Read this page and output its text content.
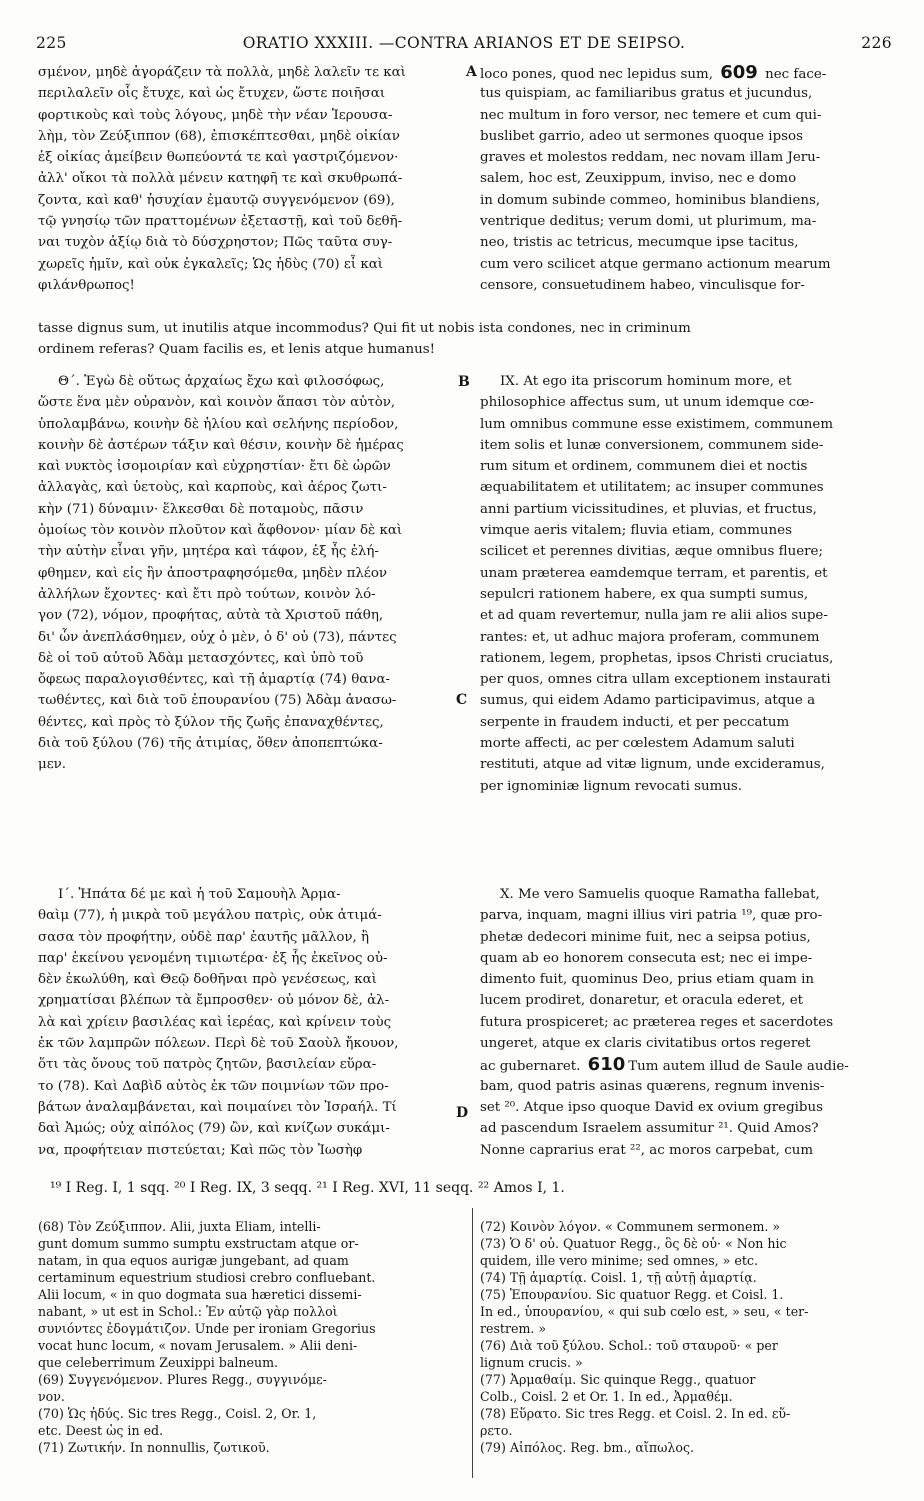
225	ORATIO XXXIII. —CONTRA ARIANOS ET DE SEIPSO.	226
σμένον, μηδὲ ἀγοράζειν τὰ πολλὰ, μηδὲ λαλεῖν τε καὶ
περιλαλεῖν οἷς ἔτυχε, καὶ ὡς ἔτυχεν, ὥστε ποιῆσαι
φορτικοὺς καὶ τοὺς λόγους, μηδὲ τὴν νέαν Ἱερουσα-
λὴμ, τὸν Ζεύξιππον (68), ἐπισκέπτεσθαι, μηδὲ οἰκίαν
ἐξ οἰκίας ἀμείβειν θωπεύοντά τε καὶ γαστριζόμενον·
ἀλλ' οἴκοι τὰ πολλὰ μένειν κατηφῆ τε καὶ σκυθρωπά-
ζοντα, καὶ καθ' ἡσυχίαν ἐμαυτῷ συγγενόμενον (69),
τῷ γνησίῳ τῶν πραττομένων ἐξεταστῇ, καὶ τοῦ δεθῆ-
ναι τυχὸν ἀξίῳ διὰ τὸ δύσχρηστον; Πῶς ταῦτα συγ-
χωρεῖς ἡμῖν, καὶ οὐκ ἐγκαλεῖς; Ὡς ἡδὺς (70) εἶ καὶ
φιλάνθρωπος!
loco pones, quod nec lepidus sum, 609 nec face-
tus quispiam, ac familiaribus gratus et jucundus,
nec multum in foro versor, nec temere et cum qui-
buslibet garrio, adeo ut sermones quoque ipsos
graves et molestos reddam, nec novam illam Jeru-
salem, hoc est, Zeuxippum, inviso, nec e domo
in domum subinde commeo, hominibus blandiens,
ventrique deditus; verum domi, ut plurimum, ma-
neo, tristis ac tetricus, mecumque ipse tacitus,
cum vero scilicet atque germano actionum mearum
censore, consuetudinem habeo, vinculisque for-
A
tasse dignus sum, ut inutilis atque incommodus? Qui fit ut nobis ista condones, nec in criminum
ordinem referas? Quam facilis es, et lenis atque humanus!
Θ΄. Ἐγὼ δὲ οὕτως ἀρχαίως ἔχω καὶ φιλοσόφως,
ὥστε ἕνα μὲν οὐρανὸν, καὶ κοινὸν ἅπασι τὸν αὐτὸν,
ὑπολαμβάνω, κοινὴν δὲ ἡλίου καὶ σελήνης περίοδον,
κοινὴν δὲ ἀστέρων τάξιν καὶ θέσιν, κοινὴν δὲ ἡμέρας
καὶ νυκτὸς ἰσομοιρίαν καὶ εὐχρηστίαν· ἔτι δὲ ὡρῶν
ἀλλαγὰς, καὶ ὑετοὺς, καὶ καρποὺς, καὶ ἀέρος ζωτι-
κὴν (71) δύναμιν· ἕλκεσθαι δὲ ποταμοὺς, πᾶσιν
ὁμοίως τὸν κοινὸν πλοῦτον καὶ ἄφθονον· μίαν δὲ καὶ
τὴν αὐτὴν εἶναι γῆν, μητέρα καὶ τάφον, ἐξ ἧς ἐλή-
φθημεν, καὶ εἰς ἣν ἀποστραφησόμεθα, μηδὲν πλέον
ἀλλήλων ἔχοντες· καὶ ἔτι πρὸ τούτων, κοινὸν λό-
γον (72), νόμον, προφήτας, αὐτὰ τὰ Χριστοῦ πάθη,
δι' ὧν ἀνεπλάσθημεν, οὐχ ὁ μὲν, ὁ δ' οὐ (73), πάντες
δὲ οἱ τοῦ αὐτοῦ Ἀδὰμ μετασχόντες, καὶ ὑπὸ τοῦ
ὄφεως παραλογισθέντες, καὶ τῇ ἁμαρτίᾳ (74) θανα-
τωθέντες, καὶ διὰ τοῦ ἐπουρανίου (75) Ἀδὰμ ἀνασω-
θέντες, καὶ πρὸς τὸ ξύλον τῆς ζωῆς ἐπαναχθέντες,
διὰ τοῦ ξύλου (76) τῆς ἀτιμίας, ὅθεν ἀποπεπτώκα-
μεν.
IX. At ego ita priscorum hominum more, et
philosophice affectus sum, ut unum idemque cœ-
lum omnibus commune esse existimem, communem
item solis et lunæ conversionem, communem side-
rum situm et ordinem, communem diei et noctis
æquabilitatem et utilitatem; ac insuper communes
anni partium vicissitudines, et pluvias, et fructus,
vimque aeris vitalem; fluvia etiam, communes
scilicet et perennes divitias, æque omnibus fluere;
unam præterea eamdemque terram, et parentis, et
sepulcri rationem habere, ex qua sumpti sumus,
et ad quam revertemur, nulla jam re alii alios supe-
rantes: et, ut adhuc majora proferam, communem
rationem, legem, prophetas, ipsos Christi cruciatus,
per quos, omnes citra ullam exceptionem instaurati
sumus, qui eidem Adamo participavimus, atque a
serpente in fraudem inducti, et per peccatum
morte affecti, ac per cœlestem Adamum saluti
restituti, atque ad vitæ lignum, unde excideramus,
per ignominiæ lignum revocati sumus.
B
C
Ι΄. Ἠπάτα δέ με καὶ ἡ τοῦ Σαμουὴλ Ἀρμα-
θαὶμ (77), ἡ μικρὰ τοῦ μεγάλου πατρὶς, οὐκ ἀτιμά-
σασα τὸν προφήτην, οὐδὲ παρ' ἑαυτῆς μᾶλλον, ἢ
παρ' ἐκείνου γενομένη τιμιωτέρα· ἐξ ἧς ἐκεῖνος οὐ-
δὲν ἐκωλύθη, καὶ Θεῷ δοθῆναι πρὸ γενέσεως, καὶ
χρηματίσαι βλέπων τὰ ἔμπροσθεν· οὐ μόνον δὲ, ἀλ-
λὰ καὶ χρίειν βασιλέας καὶ ἱερέας, καὶ κρίνειν τοὺς
ἐκ τῶν λαμπρῶν πόλεων. Περὶ δὲ τοῦ Σαοὺλ ἤκουον,
ὅτι τὰς ὄνους τοῦ πατρὸς ζητῶν, βασιλείαν εὕρα-
το (78). Καὶ Δαβὶδ αὐτὸς ἐκ τῶν ποιμνίων τῶν προ-
βάτων ἀναλαμβάνεται, καὶ ποιμαίνει τὸν Ἰσραήλ. Τί
δαὶ Ἀμώς; οὐχ αἰπόλος (79) ὢν, καὶ κνίζων συκάμι-
να, προφήτειαν πιστεύεται; Καὶ πῶς τὸν Ἰωσὴφ
X. Me vero Samuelis quoque Ramatha fallebat,
parva, inquam, magni illius viri patria ¹⁹, quæ pro-
phetæ dedecori minime fuit, nec a seipsa potius,
quam ab eo honorem consecuta est; nec ei impe-
dimento fuit, quominus Deo, prius etiam quam in
lucem prodiret, donaretur, et oracula ederet, et
futura prospiceret; ac præterea reges et sacerdotes
ungeret, atque ex claris civitatibus ortos regeret
ac gubernaret. 610 Tum autem illud de Saule audie-
bam, quod patris asinas quærens, regnum invenis-
set ²⁰. Atque ipso quoque David ex ovium gregibus
ad pascendum Israelem assumitur ²¹. Quid Amos?
Nonne caprarius erat ²², ac moros carpebat, cum
D
¹⁹ I Reg. I, 1 sqq. ²⁰ I Reg. IX, 3 seqq. ²¹ I Reg. XVI, 11 seqq. ²² Amos I, 1.
(68) Τὸν Ζεύξιππον. Alii, juxta Eliam, intelli-
gunt domum summo sumptu exstructam atque or-
natam, in qua equos aurigæ jungebant, ad quam
certaminum equestrium studiosi crebro confluebant.
Alii locum, « in quo dogmata sua hæretici dissemi-
nabant, » ut est in Schol.: Ἐν αὐτῷ γὰρ πολλοὶ
συνιόντες ἐδογμάτιζον. Unde per ironiam Gregorius
vocat hunc locum, « novam Jerusalem. » Alii deni-
que celeberrimum Zeuxippi balneum.
(69) Συγγενόμενον. Plures Regg., συγγινόμε-
νον.
(70) Ὡς ἡδύς. Sic tres Regg., Coisl. 2, Or. 1,
etc. Deest ὡς in ed.
(71) Ζωτικήν. In nonnullis, ζωτικοῦ.
(72) Κοινὸν λόγον. « Communem sermonem. »
(73) Ὁ δ' οὐ. Quatuor Regg., ὃς δὲ οὐ· « Non hic
quidem, ille vero minime; sed omnes, » etc.
(74) Τῇ ἁμαρτίᾳ. Coisl. 1, τῇ αὐτῇ ἁμαρτίᾳ.
(75) Ἐπουρανίου. Sic quatuor Regg. et Coisl. 1.
In ed., ὑπουρανίου, « qui sub cœlo est, » seu, « ter-
restrem. »
(76) Διὰ τοῦ ξύλου. Schol.: τοῦ σταυροῦ· « per
lignum crucis. »
(77) Ἀρμαθαίμ. Sic quinque Regg., quatuor
Colb., Coisl. 2 et Or. 1. In ed., Ἀρμαθέμ.
(78) Εὕρατο. Sic tres Regg. et Coisl. 2. In ed. εὕ-
ρετο.
(79) Αἰπόλος. Reg. bm., αἴπωλος.
